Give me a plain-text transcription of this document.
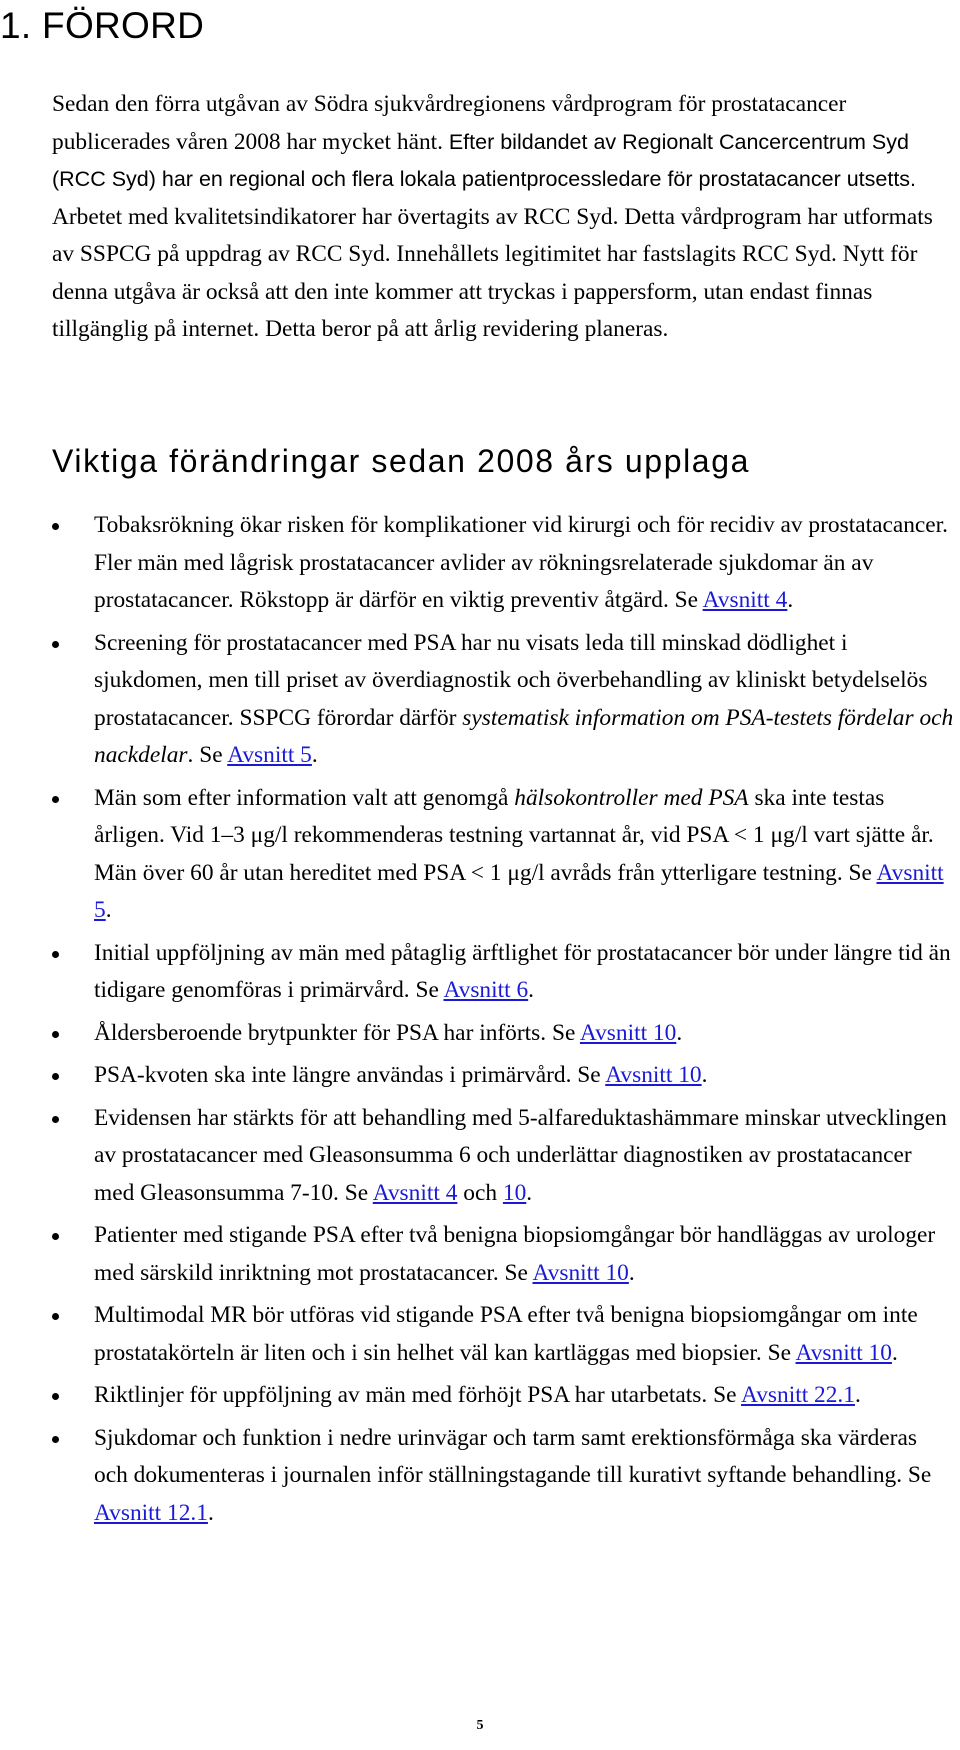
1. FÖRORD

Sedan den förra utgåvan av Södra sjukvårdregionens vårdprogram för prostatacancer publicerades våren 2008 har mycket hänt. Efter bildandet av Regionalt Cancercentrum Syd (RCC Syd) har en regional och flera lokala patientprocessledare för prostatacancer utsetts. Arbetet med kvalitetsindikatorer har övertagits av RCC Syd. Detta vårdprogram har utformats av SSPCG på uppdrag av RCC Syd. Innehållets legitimitet har fastslagits RCC Syd. Nytt för denna utgåva är också att den inte kommer att tryckas i pappersform, utan endast finnas tillgänglig på internet. Detta beror på att årlig revidering planeras.

Viktiga förändringar sedan 2008 års upplaga
Tobaksrökning ökar risken för komplikationer vid kirurgi och för recidiv av prostatacancer. Fler män med lågrisk prostatacancer avlider av rökningsrelaterade sjukdomar än av prostatacancer. Rökstopp är därför en viktig preventiv åtgärd. Se Avsnitt 4.
Screening för prostatacancer med PSA har nu visats leda till minskad dödlighet i sjukdomen, men till priset av överdiagnostik och överbehandling av kliniskt betydelselös prostatacancer. SSPCG förordar därför systematisk information om PSA-testets fördelar och nackdelar. Se Avsnitt 5.
Män som efter information valt att genomgå hälsokontroller med PSA ska inte testas årligen. Vid 1–3 μg/l rekommenderas testning vartannat år, vid PSA < 1 μg/l vart sjätte år. Män över 60 år utan hereditet med PSA < 1 μg/l avråds från ytterligare testning. Se Avsnitt 5.
Initial uppföljning av män med påtaglig ärftlighet för prostatacancer bör under längre tid än tidigare genomföras i primärvård. Se Avsnitt 6.
Åldersberoende brytpunkter för PSA har införts. Se Avsnitt 10.
PSA-kvoten ska inte längre användas i primärvård. Se Avsnitt 10.
Evidensen har stärkts för att behandling med 5-alfareduktashämmare minskar utvecklingen av prostatacancer med Gleasonsumma 6 och underlättar diagnostiken av prostatacancer med Gleasonsumma 7-10. Se Avsnitt 4 och 10.
Patienter med stigande PSA efter två benigna biopsiomgångar bör handläggas av urologer med särskild inriktning mot prostatacancer. Se Avsnitt 10.
Multimodal MR bör utföras vid stigande PSA efter två benigna biopsiomgångar om inte prostatakörteln är liten och i sin helhet väl kan kartläggas med biopsier. Se Avsnitt 10.
Riktlinjer för uppföljning av män med förhöjt PSA har utarbetats. Se Avsnitt 22.1.
Sjukdomar och funktion i nedre urinvägar och tarm samt erektionsförmåga ska värderas och dokumenteras i journalen inför ställningstagande till kurativt syftande behandling. Se Avsnitt 12.1.

5
